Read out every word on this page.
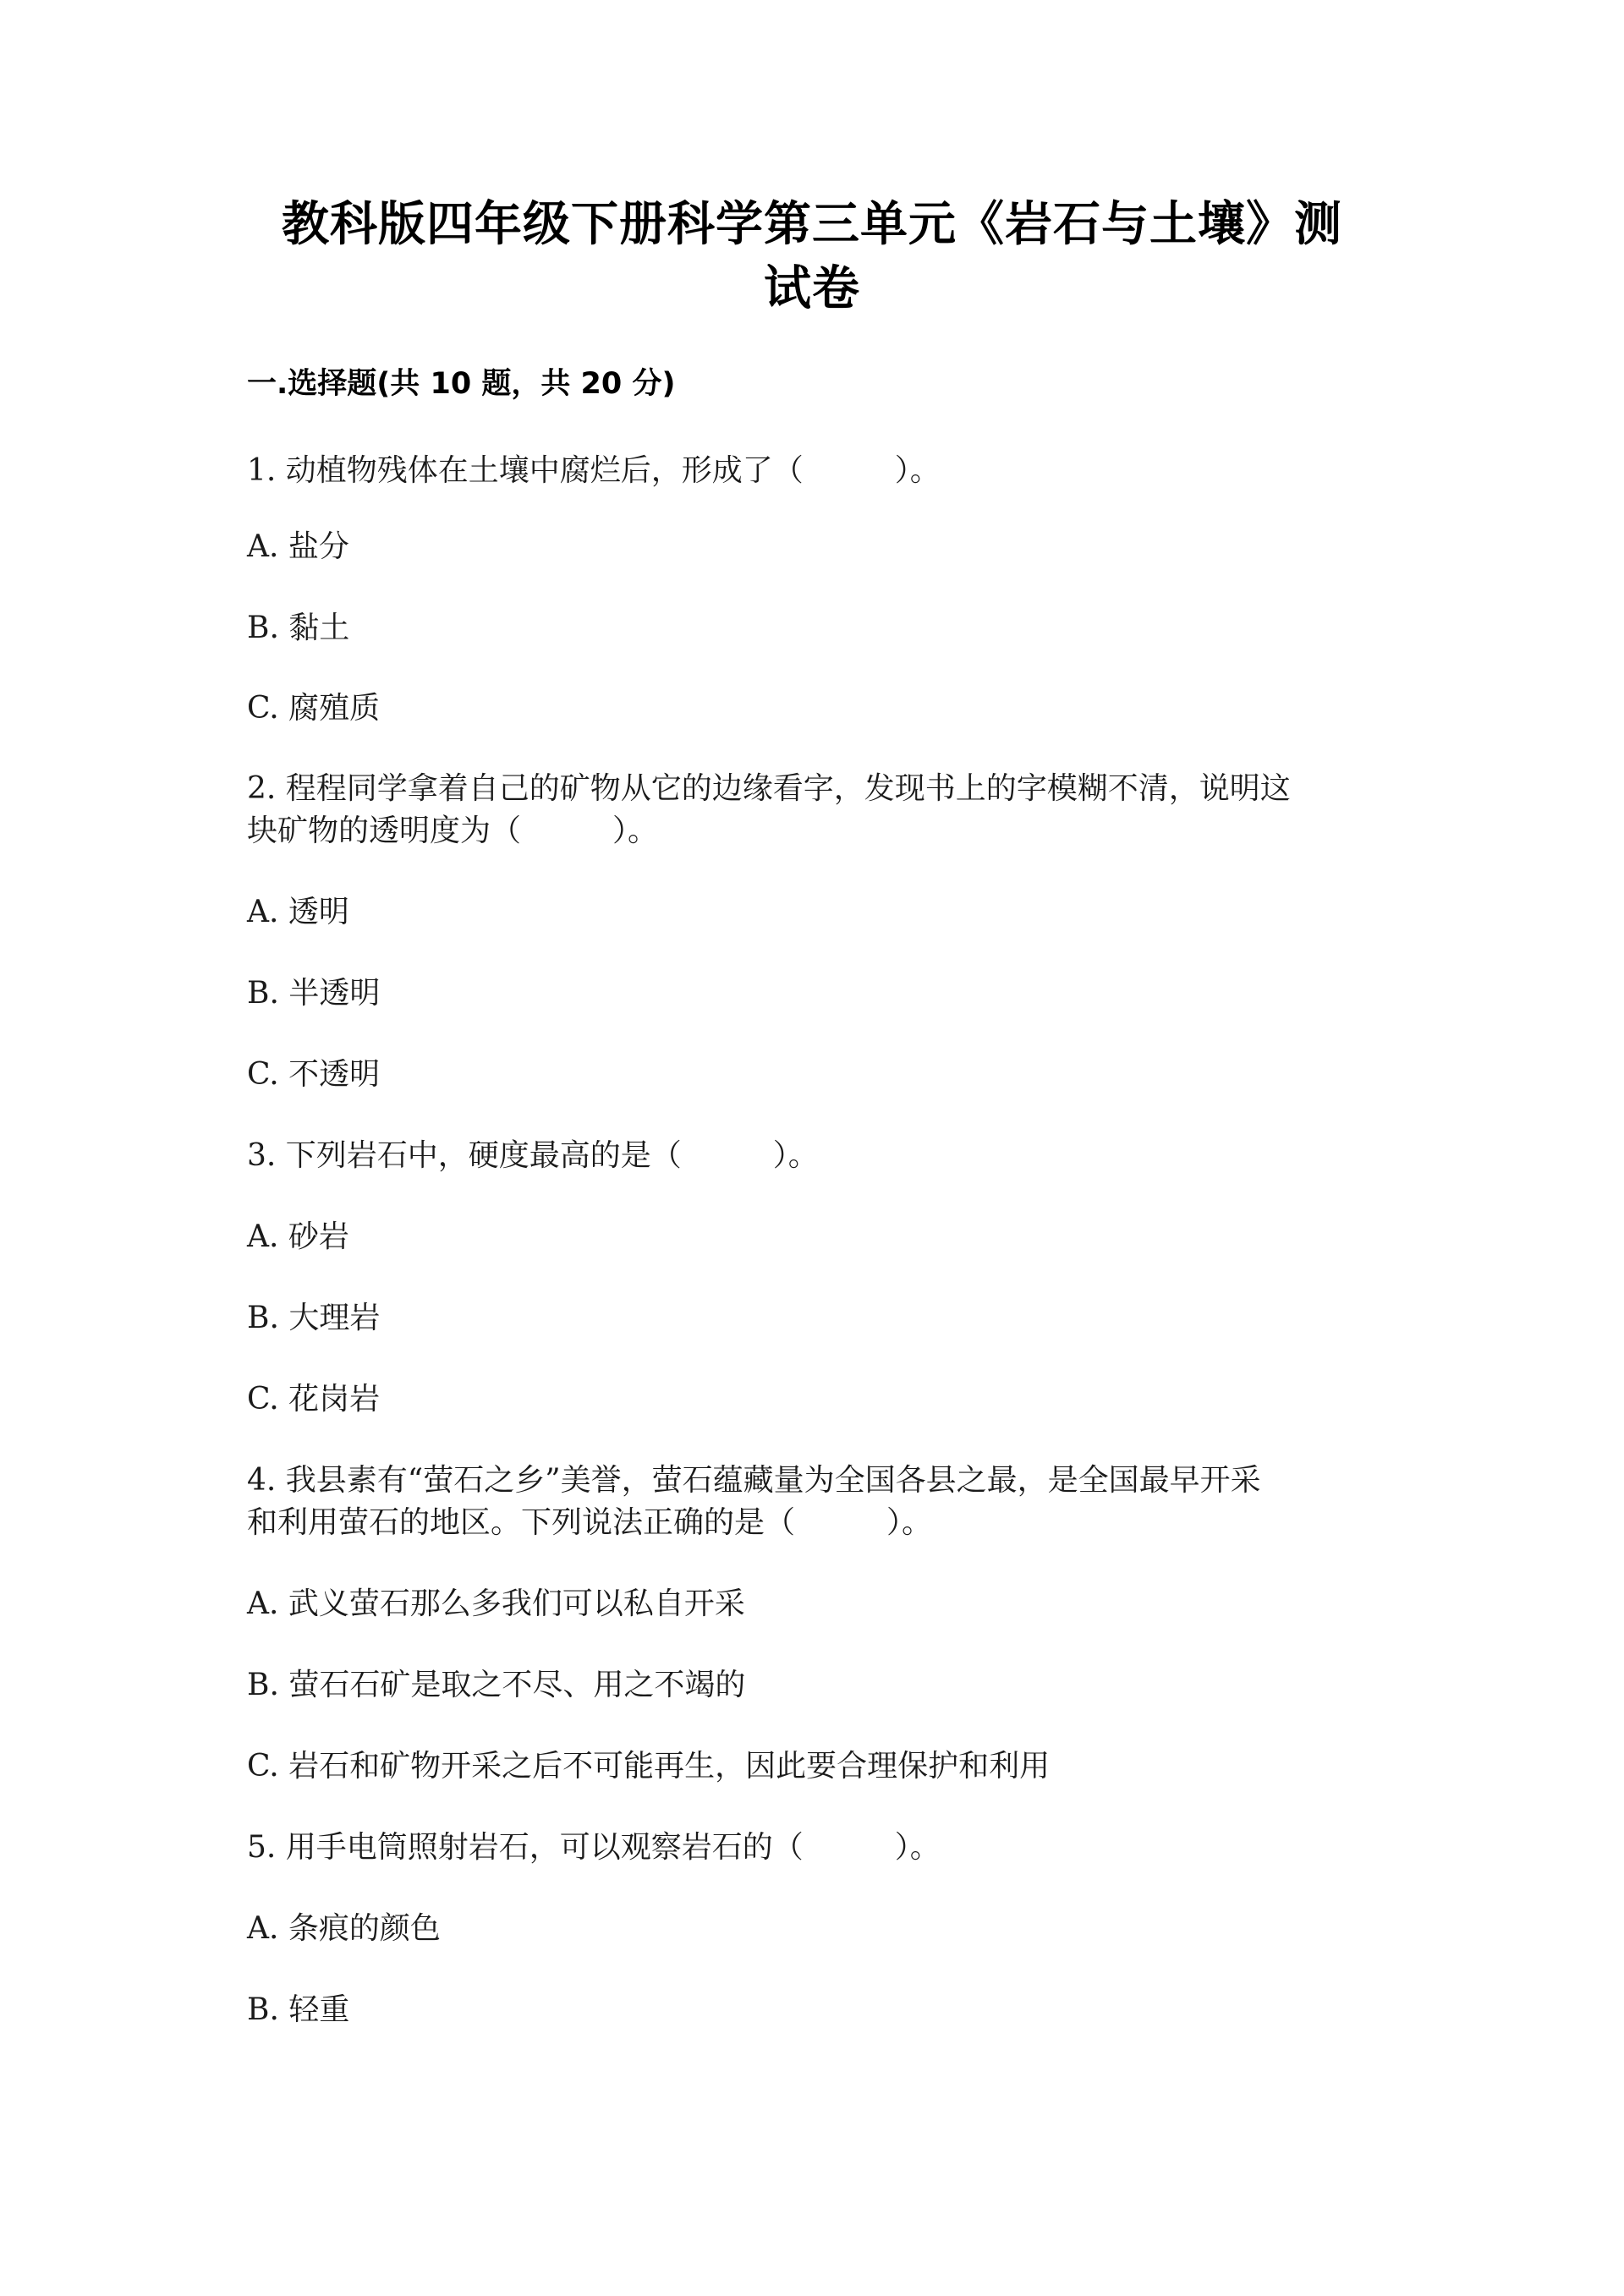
教科版四年级下册科学第三单元《岩石与土壤》测
试卷
一.选择题(共 10 题，共 20 分)
1. 动植物残体在土壤中腐烂后，形成了（　　　）。
A. 盐分
B. 黏土
C. 腐殖质
2. 程程同学拿着自己的矿物从它的边缘看字，发现书上的字模糊不清，说明这
块矿物的透明度为（　　　）。
A. 透明
B. 半透明
C. 不透明
3. 下列岩石中，硬度最高的是（　　　）。
A. 砂岩
B. 大理岩
C. 花岗岩
4. 我县素有“萤石之乡”美誉，萤石蕴藏量为全国各县之最，是全国最早开采
和利用萤石的地区。下列说法正确的是（　　　）。
A. 武义萤石那么多我们可以私自开采
B. 萤石石矿是取之不尽、用之不竭的
C. 岩石和矿物开采之后不可能再生，因此要合理保护和利用
5. 用手电筒照射岩石，可以观察岩石的（　　　）。
A. 条痕的颜色
B. 轻重
